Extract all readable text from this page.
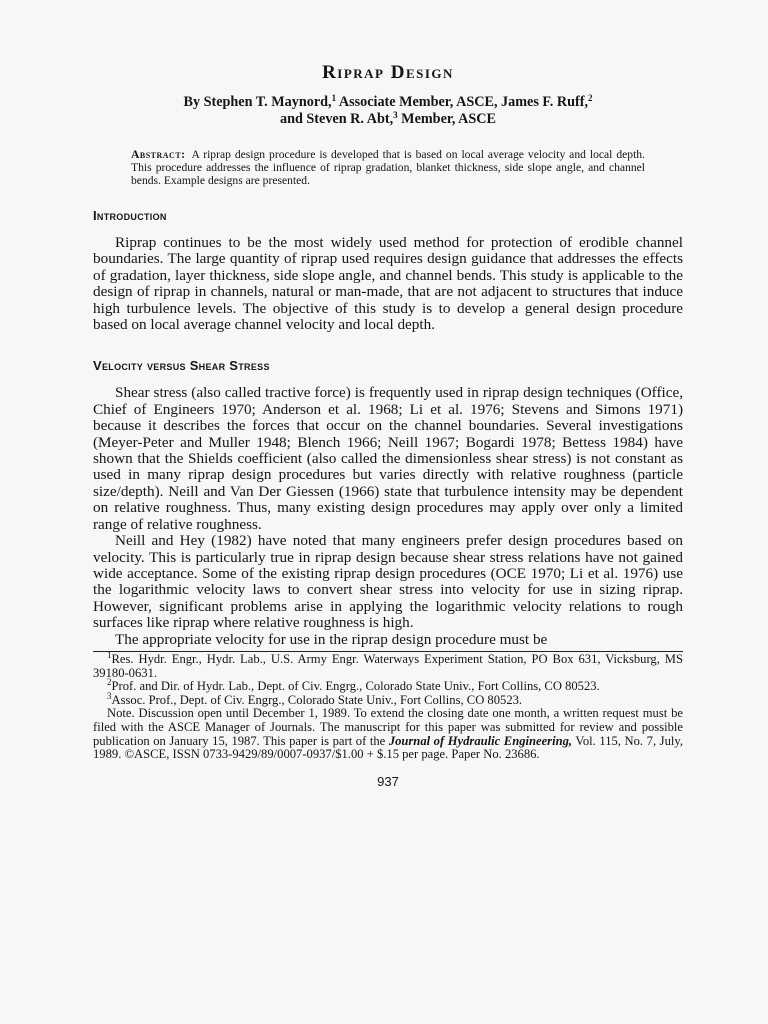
Riprap Design
By Stephen T. Maynord,$^1$ Associate Member, ASCE, James F. Ruff,$^2$
and Steven R. Abt,$^3$ Member, ASCE
Abstract: A riprap design procedure is developed that is based on local average velocity and local depth. This procedure addresses the influence of riprap gradation, blanket thickness, side slope angle, and channel bends. Example designs are presented.
Introduction

Riprap continues to be the most widely used method for protection of erodible channel boundaries. The large quantity of riprap used requires design guidance that addresses the effects of gradation, layer thickness, side slope angle, and channel bends. This study is applicable to the design of riprap in channels, natural or man-made, that are not adjacent to structures that induce high turbulence levels. The objective of this study is to develop a general design procedure based on local average channel velocity and local depth.

Velocity versus Shear Stress

Shear stress (also called tractive force) is frequently used in riprap design techniques (Office, Chief of Engineers 1970; Anderson et al. 1968; Li et al. 1976; Stevens and Simons 1971) because it describes the forces that occur on the channel boundaries. Several investigations (Meyer-Peter and Muller 1948; Blench 1966; Neill 1967; Bogardi 1978; Bettess 1984) have shown that the Shields coefficient (also called the dimensionless shear stress) is not constant as used in many riprap design procedures but varies directly with relative roughness (particle size/depth). Neill and Van Der Giessen (1966) state that turbulence intensity may be dependent on relative roughness. Thus, many existing design procedures may apply over only a limited range of relative roughness.

Neill and Hey (1982) have noted that many engineers prefer design procedures based on velocity. This is particularly true in riprap design because shear stress relations have not gained wide acceptance. Some of the existing riprap design procedures (OCE 1970; Li et al. 1976) use the logarithmic velocity laws to convert shear stress into velocity for use in sizing riprap. However, significant problems arise in applying the logarithmic velocity relations to rough surfaces like riprap where relative roughness is high.

The appropriate velocity for use in the riprap design procedure must be

$^1$Res. Hydr. Engr., Hydr. Lab., U.S. Army Engr. Waterways Experiment Station, PO Box 631, Vicksburg, MS 39180-0631.

$^2$Prof. and Dir. of Hydr. Lab., Dept. of Civ. Engrg., Colorado State Univ., Fort Collins, CO 80523.

$^3$Assoc. Prof., Dept. of Civ. Engrg., Colorado State Univ., Fort Collins, CO 80523.

Note. Discussion open until December 1, 1989. To extend the closing date one month, a written request must be filed with the ASCE Manager of Journals. The manuscript for this paper was submitted for review and possible publication on January 15, 1987. This paper is part of the Journal of Hydraulic Engineering, Vol. 115, No. 7, July, 1989. ©ASCE, ISSN 0733-9429/89/0007-0937/$1.00 + $.15 per page. Paper No. 23686.

937
